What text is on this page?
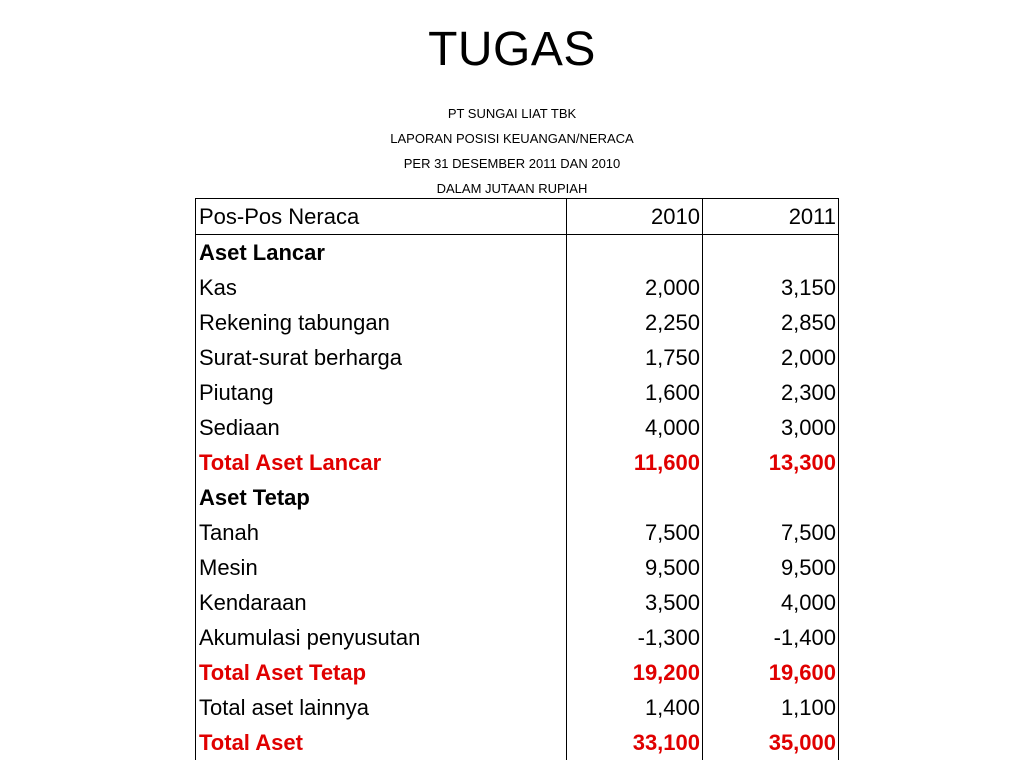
TUGAS
PT SUNGAI LIAT TBK
LAPORAN POSISI KEUANGAN/NERACA
PER 31 DESEMBER 2011 DAN 2010
DALAM JUTAAN RUPIAH
Pos-Pos Neraca	2010	2011
Aset Lancar		
Kas	2,000	3,150
Rekening tabungan	2,250	2,850
Surat-surat berharga	1,750	2,000
Piutang	1,600	2,300
Sediaan	4,000	3,000
Total Aset Lancar	11,600	13,300
Aset Tetap		
Tanah	7,500	7,500
Mesin	9,500	9,500
Kendaraan	3,500	4,000
Akumulasi penyusutan	-1,300	-1,400
Total Aset Tetap	19,200	19,600
Total aset lainnya	1,400	1,100
Total Aset	33,100	35,000
